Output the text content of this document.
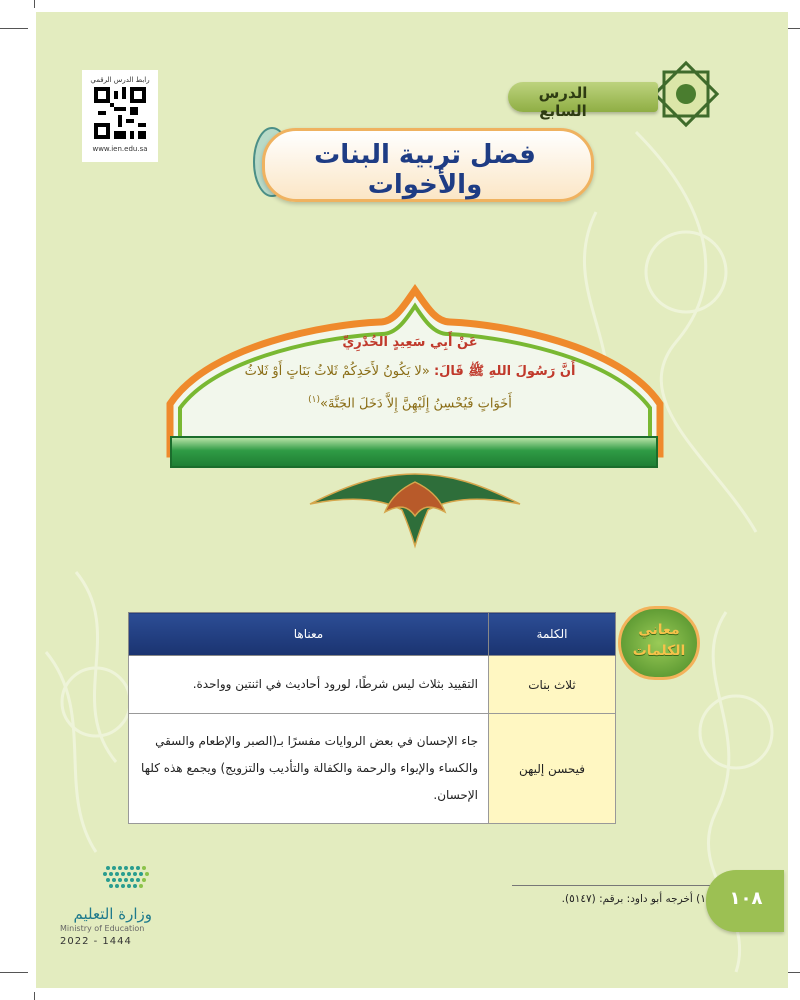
رابط الدرس الرقمي
www.ien.edu.sa
الدرس السابع
فضل تربية البنات والأخوات
عَنْ أَبِي سَعِيدٍ الخُدْرِيِّ
أَنَّ رَسُولَ اللهِ ﷺ قَالَ: «لا يَكُونُ لأَحَدِكُمْ ثَلاثُ بَنَاتٍ أَوْ ثَلاثُ
أَخَوَاتٍ فَيُحْسِنُ إِلَيْهِنَّ إِلاَّ دَخَلَ الجَنَّةَ»$^{(١)}$
معاني
الكلمات
الكلمة	معناها
ثلاث بنات	التقييد بثلاث ليس شرطًا، لورود أحاديث في اثنتين وواحدة.
فيحسن إليهن	جاء الإحسان في بعض الروايات مفسرًا بـ(الصبر والإطعام والسقي والكساء والإيواء والرحمة والكفالة والتأديب والتزويج) ويجمع هذه كلها الإحسان.
١) أخرجه أبو داود: برقم: (٥١٤٧).	١٠٨
وزارة التعليم
Ministry of Education
2022 - 1444
